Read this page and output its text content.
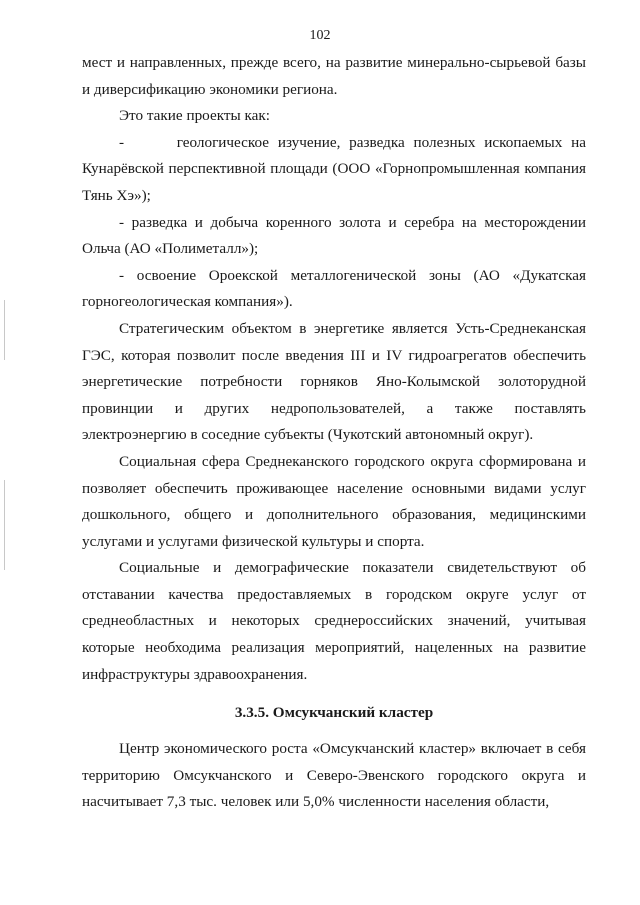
102

мест и направленных, прежде всего, на развитие минерально-сырьевой базы и диверсификацию экономики региона.

Это такие проекты как:

-      геологическое изучение, разведка полезных ископаемых на Кунарёвской перспективной площади (ООО «Горнопромышленная компания Тянь Хэ»);

- разведка и добыча коренного золота и серебра на месторождении Ольча (АО «Полиметалл»);

- освоение Ороекской металлогенической зоны (АО «Дукатская горногеологическая компания»).

Стратегическим объектом в энергетике является Усть-Среднеканская ГЭС, которая позволит после введения III и IV гидроагрегатов обеспечить энергетические потребности горняков Яно-Колымской золоторудной провинции и других недропользователей, а также поставлять электроэнергию в соседние субъекты (Чукотский автономный округ).

Социальная сфера Среднеканского городского округа сформирована и позволяет обеспечить проживающее население основными видами услуг дошкольного, общего и дополнительного образования, медицинскими услугами и услугами физической культуры и спорта.

Социальные и демографические показатели свидетельствуют об отставании качества предоставляемых в городском округе услуг от среднеобластных и некоторых среднероссийских значений, учитывая которые необходима реализация мероприятий, нацеленных на развитие инфраструктуры здравоохранения.

3.3.5. Омсукчанский кластер

Центр экономического роста «Омсукчанский кластер» включает в себя территорию Омсукчанского и Северо-Эвенского городского округа и насчитывает 7,3 тыс. человек или 5,0% численности населения области,
